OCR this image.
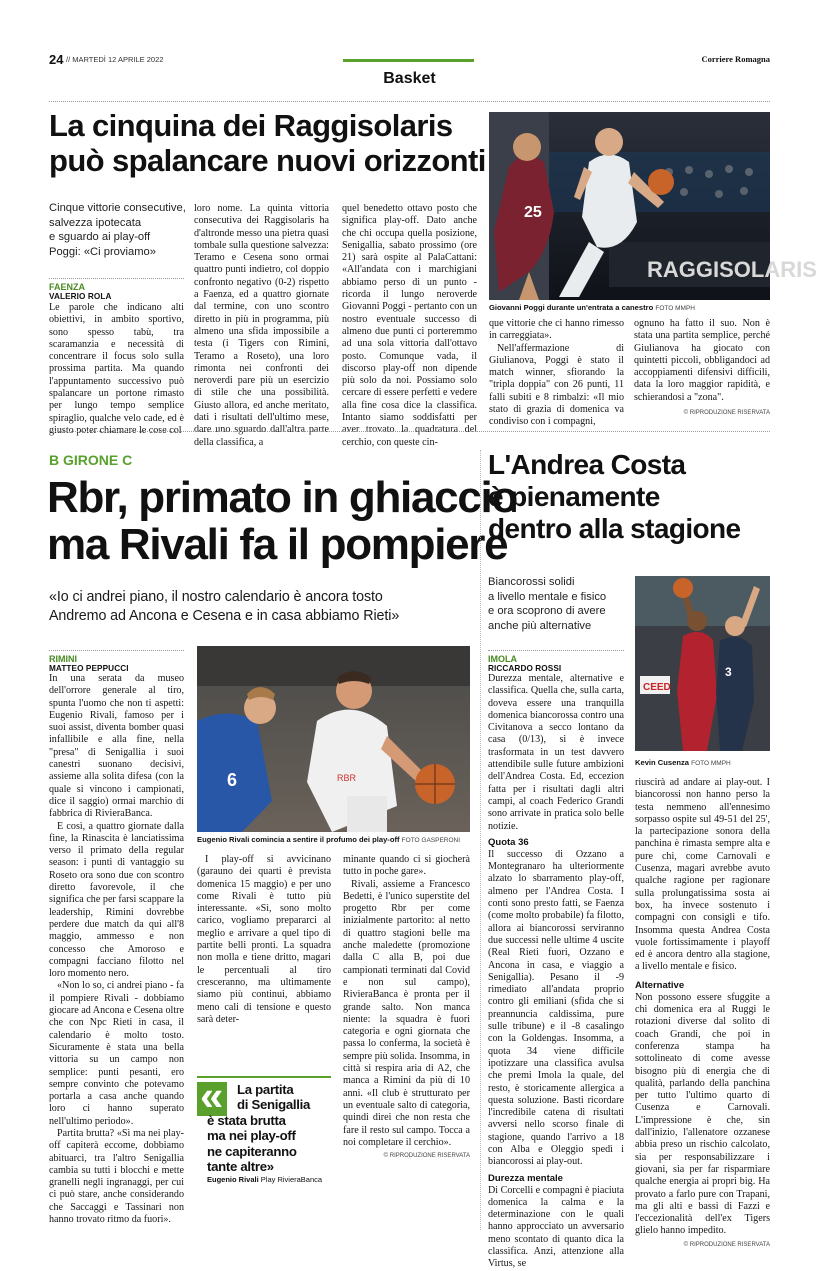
24 // MARTEDÌ 12 APRILE 2022	Corriere Romagna
Basket
La cinquina dei Raggisolaris
può spalancare nuovi orizzonti
Cinque vittorie consecutive,
salvezza ipotecata
e sguardo ai play-off
Poggi: «Ci proviamo»
FAENZA
VALERIO ROLA

Le parole che indicano alti obiettivi, in ambito sportivo, sono spesso tabù, tra scaramanzia e necessità di concentrare il focus solo sulla prossima partita. Ma quando l'appuntamento successivo può spalancare un portone rimasto per lungo tempo semplice spiraglio, qualche velo cade, ed è giusto poter chiamare le cose col

loro nome. La quinta vittoria consecutiva dei Raggisolaris ha d'altronde messo una pietra quasi tombale sulla questione salvezza: Teramo e Cesena sono ormai quattro punti indietro, col doppio confronto negativo (0-2) rispetto a Faenza, ed a quattro giornate dal termine, con uno scontro diretto in più in programma, più almeno una sfida impossibile a testa (i Tigers con Rimini, Teramo a Roseto), una loro rimonta nei confronti dei neroverdi pare più un esercizio di stile che una possibilità. Giusto allora, ed anche meritato, dati i risultati dell'ultimo mese, dare uno sguardo dall'altra parte della classifica, a

quel benedetto ottavo posto che significa play-off. Dato anche che chi occupa quella posizione, Senigallia, sabato prossimo (ore 21) sarà ospite al PalaCattani: «All'andata con i marchigiani abbiamo perso di un punto - ricorda il lungo neroverde Giovanni Poggi - pertanto con un nostro eventuale successo di almeno due punti ci porteremmo ad una sola vittoria dall'ottavo posto. Comunque vada, il discorso play-off non dipende più solo da noi. Possiamo solo cercare di essere perfetti e vedere alla fine cosa dice la classifica. Intanto siamo soddisfatti per aver trovato la quadratura del cerchio, con queste cin-

RAGGISOLARIS
25
Giovanni Poggi durante un'entrata a canestro FOTO MMPH

que vittorie che ci hanno rimesso in carreggiata».

Nell'affermazione di Giulianova, Poggi è stato il match winner, sfiorando la "tripla doppia" con 26 punti, 11 falli subiti e 8 rimbalzi: «Il mio stato di grazia di domenica va condiviso con i compagni,

ognuno ha fatto il suo. Non è stata una partita semplice, perché Giulianova ha giocato con quintetti piccoli, obbligandoci ad accoppiamenti difensivi difficili, data la loro maggior rapidità, e schierandosi a "zona".

© RIPRODUZIONE RISERVATA
B GIRONE C
Rbr, primato in ghiaccio
ma Rivali fa il pompiere
«Io ci andrei piano, il nostro calendario è ancora tosto
Andremo ad Ancona e Cesena e in casa abbiamo Rieti»
RIMINI
MATTEO PEPPUCCI

In una serata da museo dell'orrore generale al tiro, spunta l'uomo che non ti aspetti: Eugenio Rivali, famoso per i suoi assist, diventa bomber quasi infallibile e alla fine, nella "presa" di Senigallia i suoi canestri suonano decisivi, assieme alla solita difesa (con la quale si vincono i campionati, dice il saggio) ormai marchio di fabbrica di RivieraBanca.

E così, a quattro giornate dalla fine, la Rinascita è lanciatissima verso il primato della regular season: i punti di vantaggio su Roseto ora sono due con scontro diretto favorevole, il che significa che per farsi scappare la leadership, Rimini dovrebbe perdere due match da qui all'8 maggio, ammesso e non concesso che Amoroso e compagni facciano filotto nel loro momento nero.

«Non lo so, ci andrei piano - fa il pompiere Rivali - dobbiamo giocare ad Ancona e Cesena oltre che con Npc Rieti in casa, il calendario è molto tosto. Sicuramente è stata una bella vittoria su un campo non semplice: punti pesanti, ero sempre convinto che potevamo portarla a casa anche quando loro ci hanno superato nell'ultimo periodo».

Partita brutta? «Sì ma nei play-off capiterà eccome, dobbiamo abituarci, tra l'altro Senigallia cambia su tutti i blocchi e mette granelli negli ingranaggi, per cui ci può stare, anche considerando che Saccaggi e Tassinari non hanno trovato ritmo da fuori».

6	RBR
Eugenio Rivali comincia a sentire il profumo dei play-off FOTO GASPERONI

I play-off si avvicinano (garauno dei quarti è prevista domenica 15 maggio) e per uno come Rivali è tutto più interessante. «Sì, sono molto carico, vogliamo prepararci al meglio e arrivare a quel tipo di partite belli pronti. La squadra non molla e tiene dritto, magari le percentuali al tiro cresceranno, ma ultimamente siamo più continui, abbiamo meno cali di tensione e questo sarà deter-

«	La partita
di Senigallia
è stata brutta
ma nei play-off
ne capiteranno
tante altre»
Eugenio Rivali Play RivieraBanca

minante quando ci si giocherà tutto in poche gare».

Rivali, assieme a Francesco Bedetti, è l'unico superstite del progetto Rbr per come inizialmente partorito: al netto di quattro stagioni belle ma anche maledette (promozione dalla C alla B, poi due campionati terminati dal Covid e non sul campo), RivieraBanca è pronta per il grande salto. Non manca niente: la squadra è fuori categoria e ogni giornata che passa lo conferma, la società è sempre più solida. Insomma, in città si respira aria di A2, che manca a Rimini da più di 10 anni. «Il club è strutturato per un eventuale salto di categoria, quindi direi che non resta che fare il resto sul campo. Tocca a noi completare il cerchio».

© RIPRODUZIONE RISERVATA
L'Andrea Costa
è pienamente
dentro alla stagione
Biancorossi solidi
a livello mentale e fisico
e ora scoprono di avere
anche più alternative
CEED
3
Kevin Cusenza FOTO MMPH
IMOLA
RICCARDO ROSSI

Durezza mentale, alternative e classifica. Quella che, sulla carta, doveva essere una tranquilla domenica biancorossa contro una Civitanova a secco lontano da casa (0/13), si è invece trasformata in un test davvero attendibile sulle future ambizioni dell'Andrea Costa. Ed, eccezion fatta per i risultati dagli altri campi, al coach Federico Grandi sono arrivate in pratica solo belle notizie.

Quota 36

Il successo di Ozzano a Montegranaro ha ulteriormente alzato lo sbarramento play-off, almeno per l'Andrea Costa. I conti sono presto fatti, se Faenza (come molto probabile) fa filotto, allora ai biancorossi serviranno due successi nelle ultime 4 uscite (Real Rieti fuori, Ozzano e Ancona in casa, e viaggio a Senigallia). Pesano il -9 rimediato all'andata proprio contro gli emiliani (sfida che si preannuncia caldissima, pure sulle tribune) e il -8 casalingo con la Goldengas. Insomma, a quota 34 viene difficile ipotizzare una classifica avulsa che premi Imola la quale, del resto, è storicamente allergica a questa soluzione. Basti ricordare l'incredibile catena di risultati avversi nello scorso finale di stagione, quando l'arrivo a 18 con Alba e Oleggio spedì i biancorossi ai play-out.

Durezza mentale

Di Corcelli e compagni è piaciuta domenica la calma e la determinazione con le quali hanno approcciato un avversario meno scontato di quanto dica la classifica. Anzi, attenzione alla Virtus, se

riuscirà ad andare ai play-out. I biancorossi non hanno perso la testa nemmeno all'ennesimo sorpasso ospite sul 49-51 del 25', la partecipazione sonora della panchina è rimasta sempre alta e pure chi, come Carnovali e Cusenza, magari avrebbe avuto qualche ragione per ragionare sulla prolungatissima sosta ai box, ha invece sostenuto i compagni con consigli e tifo. Insomma questa Andrea Costa vuole fortissimamente i playoff ed è ancora dentro alla stagione, a livello mentale e fisico.

Alternative

Non possono essere sfuggite a chi domenica era al Ruggi le rotazioni diverse dal solito di coach Grandi, che poi in conferenza stampa ha sottolineato di come avesse bisogno più di energia che di qualità, parlando della panchina per tutto l'ultimo quarto di Cusenza e Carnovali. L'impressione è che, sin dall'inizio, l'allenatore ozzanese abbia preso un rischio calcolato, sia per responsabilizzare i giovani, sia per far risparmiare qualche energia ai propri big. Ha provato a farlo pure con Trapani, ma gli alti e bassi di Fazzi e l'eccezionalità dell'ex Tigers glielo hanno impedito.

© RIPRODUZIONE RISERVATA
